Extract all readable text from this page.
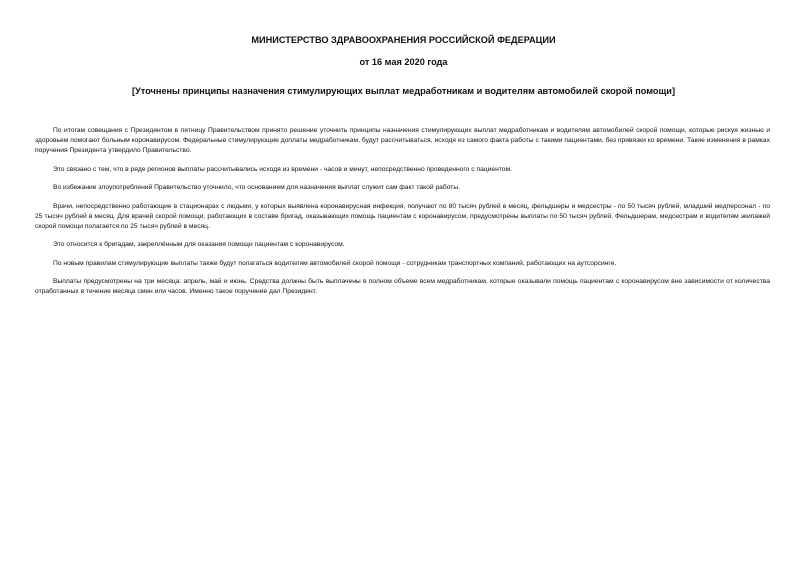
МИНИСТЕРСТВО ЗДРАВООХРАНЕНИЯ РОССИЙСКОЙ ФЕДЕРАЦИИ
от 16 мая 2020 года
[Уточнены принципы назначения стимулирующих выплат медработникам и водителям автомобилей скорой помощи]

По итогам совещания с Президентом в пятницу Правительством принято решение уточнить принципы назначения стимулирующих выплат медработникам и водителям автомобилей скорой помощи, которые рискуя жизнью и здоровьем помогают больным коронавирусом. Федеральные стимулирующие доплаты медработникам, будут рассчитываться, исходя из самого факта работы с такими пациентами, без привязки ко времени. Такие изменения в рамках поручения Президента утвердило Правительство.

Это связано с тем, что в ряде регионов выплаты рассчитывались исходя из времени - часов и минут, непосредственно проведенного с пациентом.

Во избежание злоупотреблений Правительство уточнило, что основанием для назначения выплат служит сам факт такой работы.

Врачи, непосредственно работающие в стационарах с людьми, у которых выявлена коронавирусная инфекция, получают по 80 тысяч рублей в месяц, фельдшеры и медсестры - по 50 тысяч рублей, младший медперсонал - по 25 тысяч рублей в месяц. Для врачей скорой помощи, работающих в составе бригад, оказывающих помощь пациентам с коронавирусом, предусмотрены выплаты по 50 тысяч рублей. Фельдшерам, медсестрам и водителям экипажей скорой помощи полагается по 25 тысяч рублей в месяц.

Это относится к бригадам, закреплённым для оказания помощи пациентам с коронавирусом.

По новым правилам стимулирующие выплаты также будут полагаться водителям автомобилей скорой помощи - сотрудникам транспортных компаний, работающих на аутсорсинге.

Выплаты предусмотрены на три месяца: апрель, май и июнь. Средства должны быть выплачены в полном объеме всем медработникам, которые оказывали помощь пациентам с коронавирусом вне зависимости от количества отработанных в течение месяца смен или часов. Именно такое поручение дал Президент.
